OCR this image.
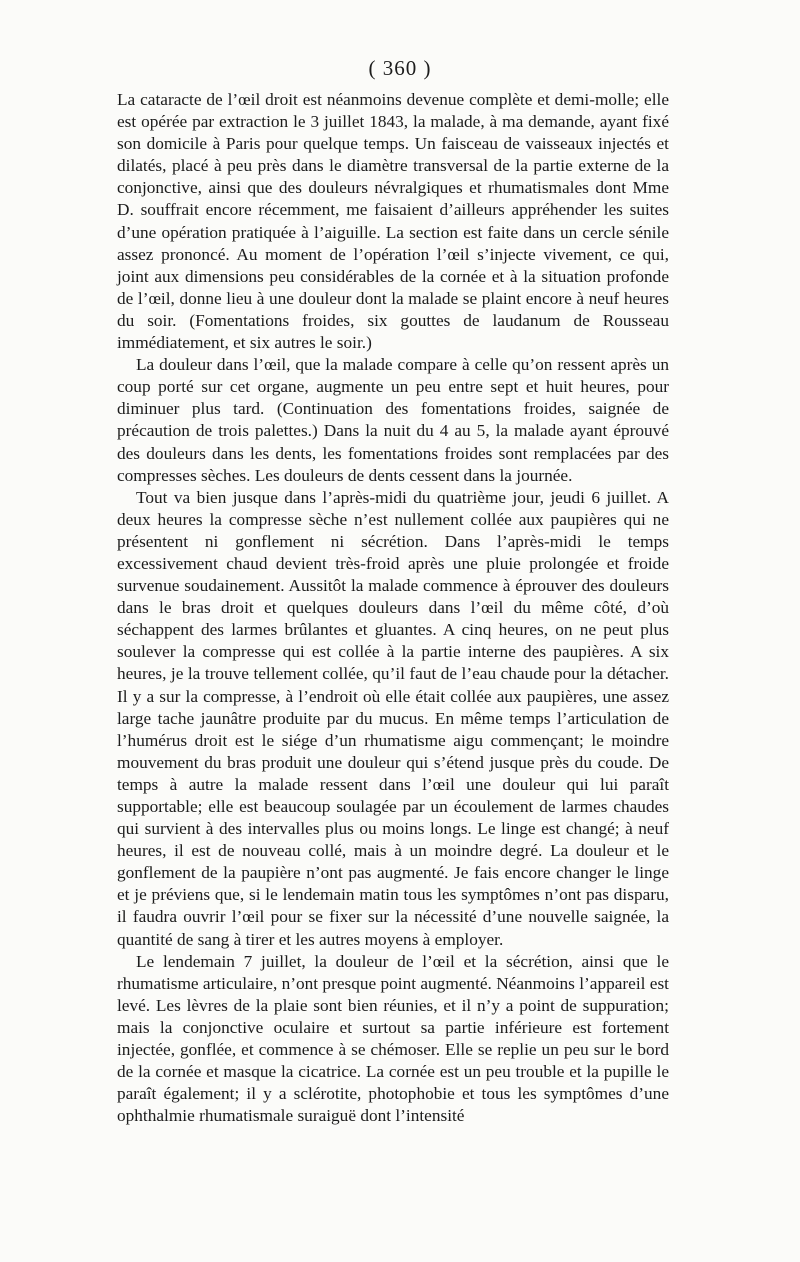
( 360 )

La cataracte de l’œil droit est néanmoins devenue complète et demi-molle; elle est opérée par extraction le 3 juillet 1843, la malade, à ma demande, ayant fixé son domicile à Paris pour quelque temps. Un faisceau de vaisseaux injectés et dilatés, placé à peu près dans le diamètre transversal de la partie externe de la conjonctive, ainsi que des douleurs névralgiques et rhumatismales dont Mme D. souffrait encore récemment, me faisaient d’ailleurs appréhender les suites d’une opération pratiquée à l’aiguille. La section est faite dans un cercle sénile assez prononcé. Au moment de l’opération l’œil s’injecte vivement, ce qui, joint aux dimensions peu considérables de la cornée et à la situation profonde de l’œil, donne lieu à une douleur dont la malade se plaint encore à neuf heures du soir. (Fomentations froides, six gouttes de laudanum de Rousseau immédiatement, et six autres le soir.)

La douleur dans l’œil, que la malade compare à celle qu’on ressent après un coup porté sur cet organe, augmente un peu entre sept et huit heures, pour diminuer plus tard. (Continuation des fomentations froides, saignée de précaution de trois palettes.) Dans la nuit du 4 au 5, la malade ayant éprouvé des douleurs dans les dents, les fomentations froides sont remplacées par des compresses sèches. Les douleurs de dents cessent dans la journée.

Tout va bien jusque dans l’après-midi du quatrième jour, jeudi 6 juillet. A deux heures la compresse sèche n’est nullement collée aux paupières qui ne présentent ni gonflement ni sécrétion. Dans l’après-midi le temps excessivement chaud devient très-froid après une pluie prolongée et froide survenue soudainement. Aussitôt la malade commence à éprouver des douleurs dans le bras droit et quelques douleurs dans l’œil du même côté, d’où séchappent des larmes brûlantes et gluantes. A cinq heures, on ne peut plus soulever la compresse qui est collée à la partie interne des paupières. A six heures, je la trouve tellement collée, qu’il faut de l’eau chaude pour la détacher. Il y a sur la compresse, à l’endroit où elle était collée aux paupières, une assez large tache jaunâtre produite par du mucus. En même temps l’articulation de l’humérus droit est le siége d’un rhumatisme aigu commençant; le moindre mouvement du bras produit une douleur qui s’étend jusque près du coude. De temps à autre la malade ressent dans l’œil une douleur qui lui paraît supportable; elle est beaucoup soulagée par un écoulement de larmes chaudes qui survient à des intervalles plus ou moins longs. Le linge est changé; à neuf heures, il est de nouveau collé, mais à un moindre degré. La douleur et le gonflement de la paupière n’ont pas augmenté. Je fais encore changer le linge et je préviens que, si le lendemain matin tous les symptômes n’ont pas disparu, il faudra ouvrir l’œil pour se fixer sur la nécessité d’une nouvelle saignée, la quantité de sang à tirer et les autres moyens à employer.

Le lendemain 7 juillet, la douleur de l’œil et la sécrétion, ainsi que le rhumatisme articulaire, n’ont presque point augmenté. Néanmoins l’appareil est levé. Les lèvres de la plaie sont bien réunies, et il n’y a point de suppuration; mais la conjonctive oculaire et surtout sa partie inférieure est fortement injectée, gonflée, et commence à se chémoser. Elle se replie un peu sur le bord de la cornée et masque la cicatrice. La cornée est un peu trouble et la pupille le paraît également; il y a sclérotite, photophobie et tous les symptômes d’une ophthalmie rhumatismale suraiguë dont l’intensité
